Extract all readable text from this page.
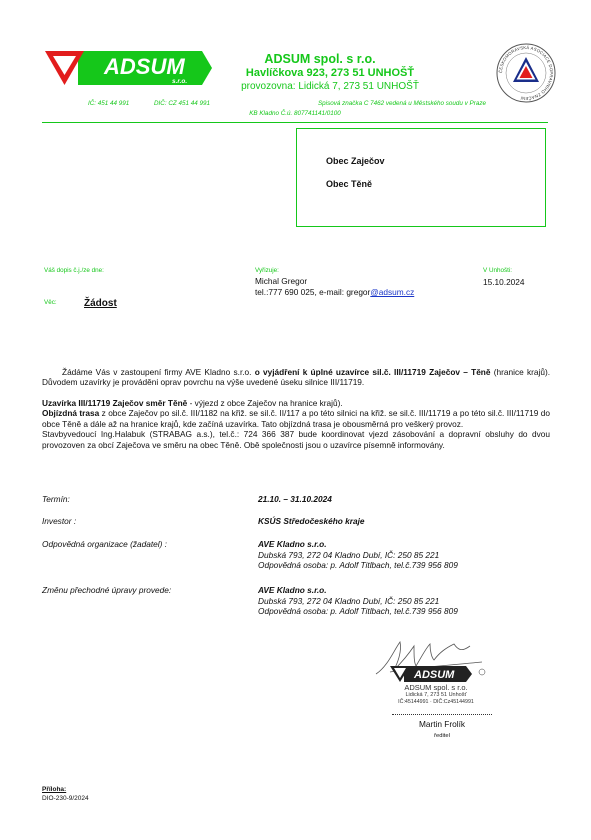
ADSUM
s.r.o.
ADSUM spol. s r.o.
Havlíčkova 923, 273 51 UNHOŠŤ
provozovna: Lidická 7, 273 51 UNHOŠŤ
ČESKOMORAVSKÁ ASOCIACE DOPRAVNÍHO ZNAČENÍ
IČ: 451 44 991	DIČ: CZ 451 44 991	Spisová značka C 7462 vedená u Městského soudu v Praze
KB Kladno Č.ú. 807741141/0100
Obec Zaječov
Obec Těně
Váš dopis č.j./ze dne:	Vyřizuje:
Michal Gregor
tel.:777 690 025, e-mail: gregor@adsum.cz
V Unhošti:
15.10.2024
Věc:	Žádost

Žádáme Vás v zastoupení firmy AVE Kladno s.r.o. o vyjádření k úplné uzavírce sil.č. III/11719 Zaječov – Těně (hranice krajů). Důvodem uzavírky je prováděni oprav povrchu na výše uvedené úseku silnice III/11719.

Uzavírka III/11719 Zaječov směr Těně - výjezd z obce Zaječov na hranice krajů).

Objízdná trasa z obce Zaječov po sil.č. III/1182 na křiž. se sil.č. II/117 a po této silnici na křiž. se sil.č. III/11719 a po této sil.č. III/11719 do obce Těně a dále až na hranice krajů, kde začíná uzavírka. Tato objízdná trasa je obousměrná pro veškerý provoz.

Stavbyvedoucí Ing.Halabuk (STRABAG a.s.), tel.č.: 724 366 387 bude koordinovat vjezd zásobování a dopravní obsluhy do dvou provozoven za obcí Zaječova ve směru na obec Těně. Obě společnosti jsou o uzavírce písemně informovány.

Termín:	21.10. – 31.10.2024
Investor :	KSÚS Středočeského kraje
Odpovědná organizace (žadatel) :	AVE Kladno s.r.o.
Dubská 793, 272 04 Kladno Dubí, IČ: 250 85 221
Odpovědná osoba: p. Adolf Titlbach, tel.č.739 956 809
Změnu přechodné úpravy provede:	AVE Kladno s.r.o.
Dubská 793, 272 04 Kladno Dubí, IČ: 250 85 221
Odpovědná osoba: p. Adolf Titlbach, tel.č.739 956 809
ADSUM
ADSUM spol. s r.o.
Lidická 7, 273 51 Unhošť
IČ:45144991 · DIČ:Cz45144991
Martin Frolík
ředitel
Příloha:
DIO-230-9/2024
